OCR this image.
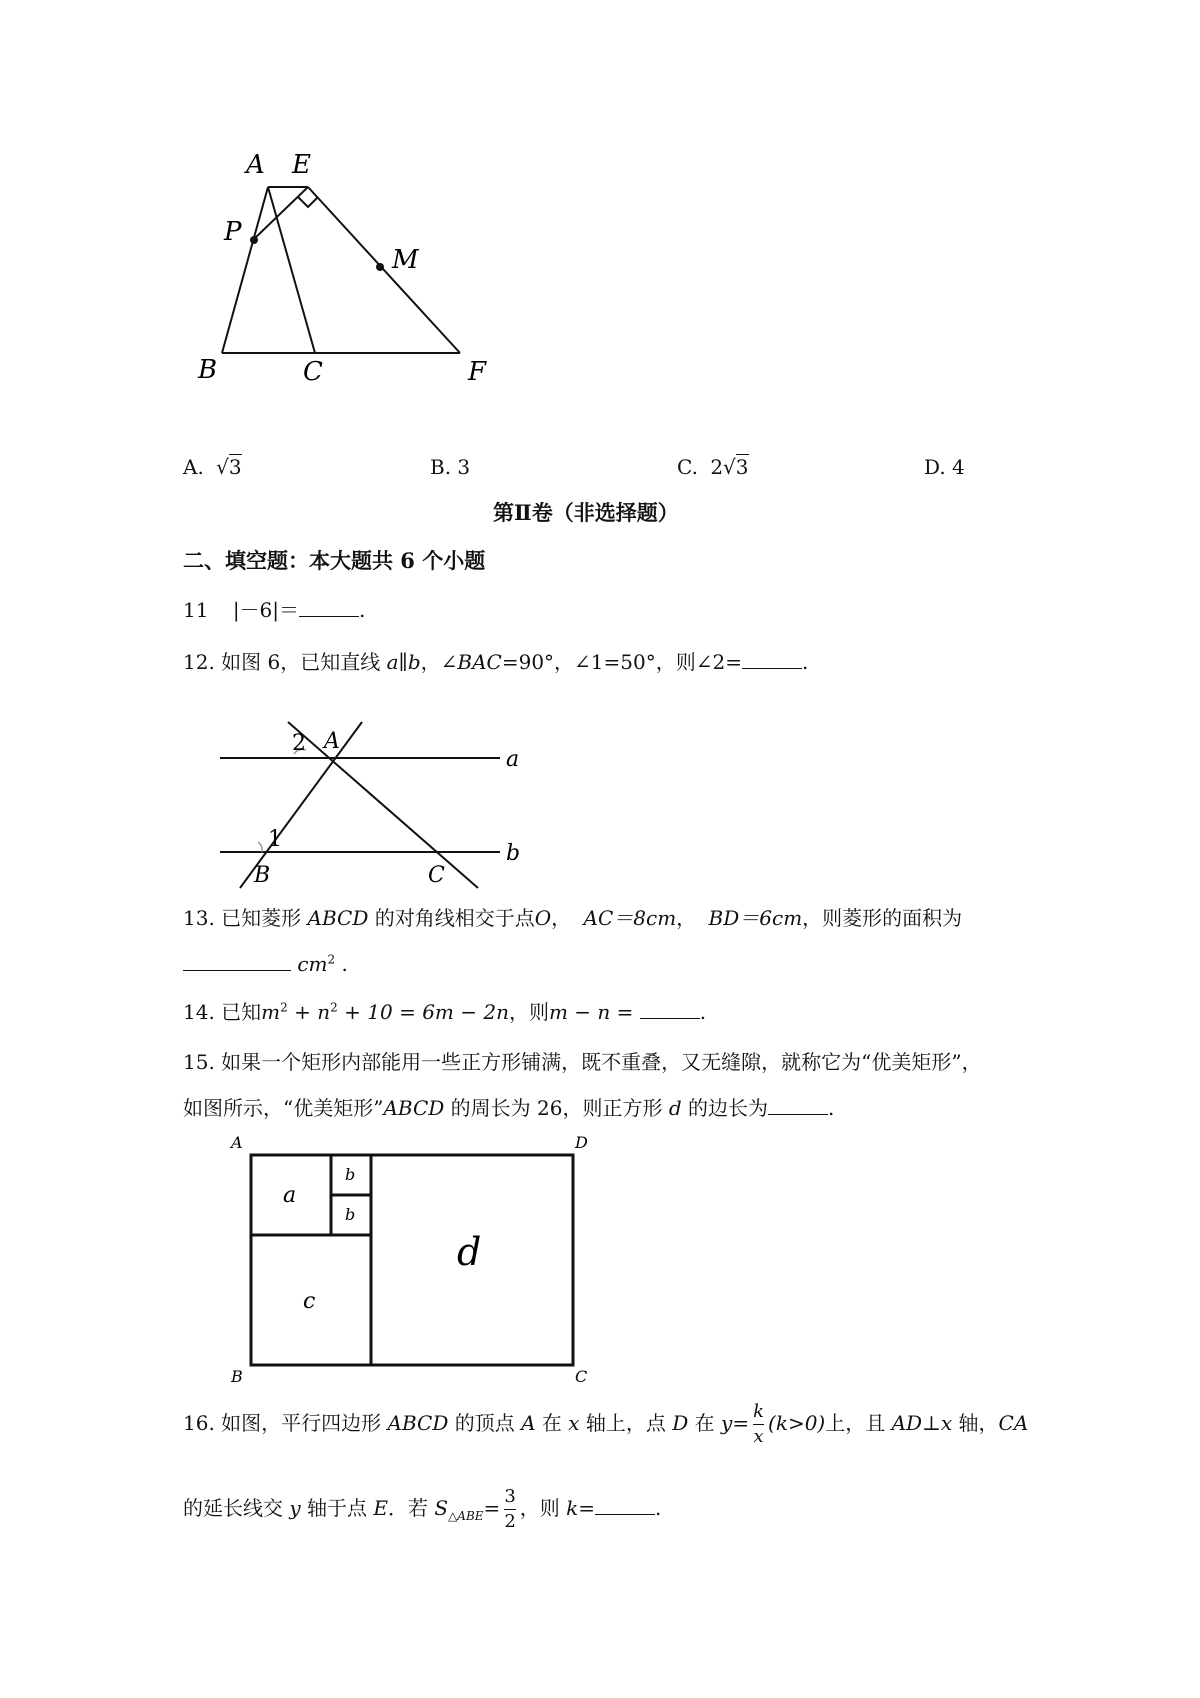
A E
P
M
B	C	F
A. √3	B. 3	C. 2√3	D. 4
第Ⅱ卷（非选择题）
二、填空题：本大题共 6 个小题
11 |－6|＝	.
12. 如图 6，已知直线 a∥b，∠BAC=90°，∠1=50°，则∠2=	.
2 A
a
1
B	C
b
13. 已知菱形 ABCD 的对角线相交于点O， AC＝8cm， BD＝6cm，则菱形的面积为
$cm^2$ .
14. 已知$m^2 + n^2 + 10 = 6m - 2n$，则m − n =	.
15. 如果一个矩形内部能用一些正方形铺满，既不重叠，又无缝隙，就称它为“优美矩形”，
如图所示，“优美矩形”ABCD 的周长为 26，则正方形 d 的边长为	.
A	D
B	C
a
b
b
c
d
16. 如图，平行四边形 ABCD 的顶点 A 在 x 轴上，点 D 在 $y= \frac{k}{x} (k>0)$上，且 AD⊥x 轴，CA
的延长线交 y 轴于点 E．若 $S_{\triangle ABE}= \frac{3}{2}$ ，则 k=	.
